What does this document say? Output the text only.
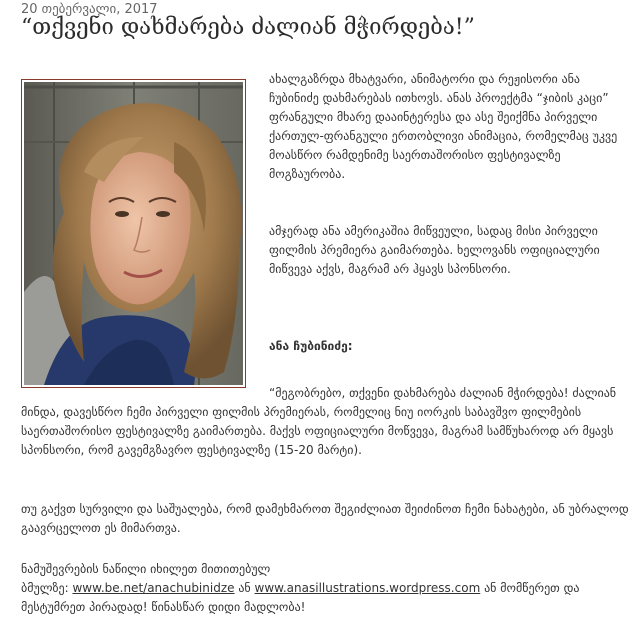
20 თებერვალი, 2017
“თქვენი დახმარება ძალიან მჭირდება!”

ახალგაზრდა მხატვარი, ანიმატორი და რეჟისორი ანა ჩუბინიძე დახმარებას ითხოვს. ანას პროექტმა “ჯიბის კაცი” ფრანგული მხარე დააინტერესა და ასე შეიქმნა პირველი ქართულ-ფრანგული ერთობლივი ანიმაცია, რომელმაც უკვე მოასწრო რამდენიმე საერთაშორისო ფესტივალზე მოგზაურობა.

ამჯერად ანა ამერიკაშია მიწვეული, სადაც მისი პირველი ფილმის პრემიერა გაიმართება. ხელოვანს ოფიციალური მიწვევა აქვს, მაგრამ არ ჰყავს სპონსორი.

ანა ჩუბინიძე:

“მეგობრებო, თქვენი დახმარება ძალიან მჭირდება! ძალიან მინდა, დავესწრო ჩემი პირველი ფილმის პრემიერას, რომელიც ნიუ იორკის საბავშვო ფილმების საერთაშორისო ფესტივალზე გაიმართება. მაქვს ოფიციალური მოწვევა, მაგრამ სამწუხაროდ არ მყავს სპონსორი, რომ გავემგზავრო ფესტივალზე (15-20 მარტი).

თუ გაქვთ სურვილი და საშუალება, რომ დამეხმაროთ შეგიძლიათ შეიძინოთ ჩემი ნახატები, ან უბრალოდ გაავრცელოთ ეს მიმართვა.

ნამუშევრების ნაწილი იხილეთ მითითებულ
ბმულზე: www.be.net/anachubinidze ან www.anasillustrations.wordpress.com ან მომწერეთ და მესტუმრეთ პირადად! წინასწარ დიდი მადლობა!
